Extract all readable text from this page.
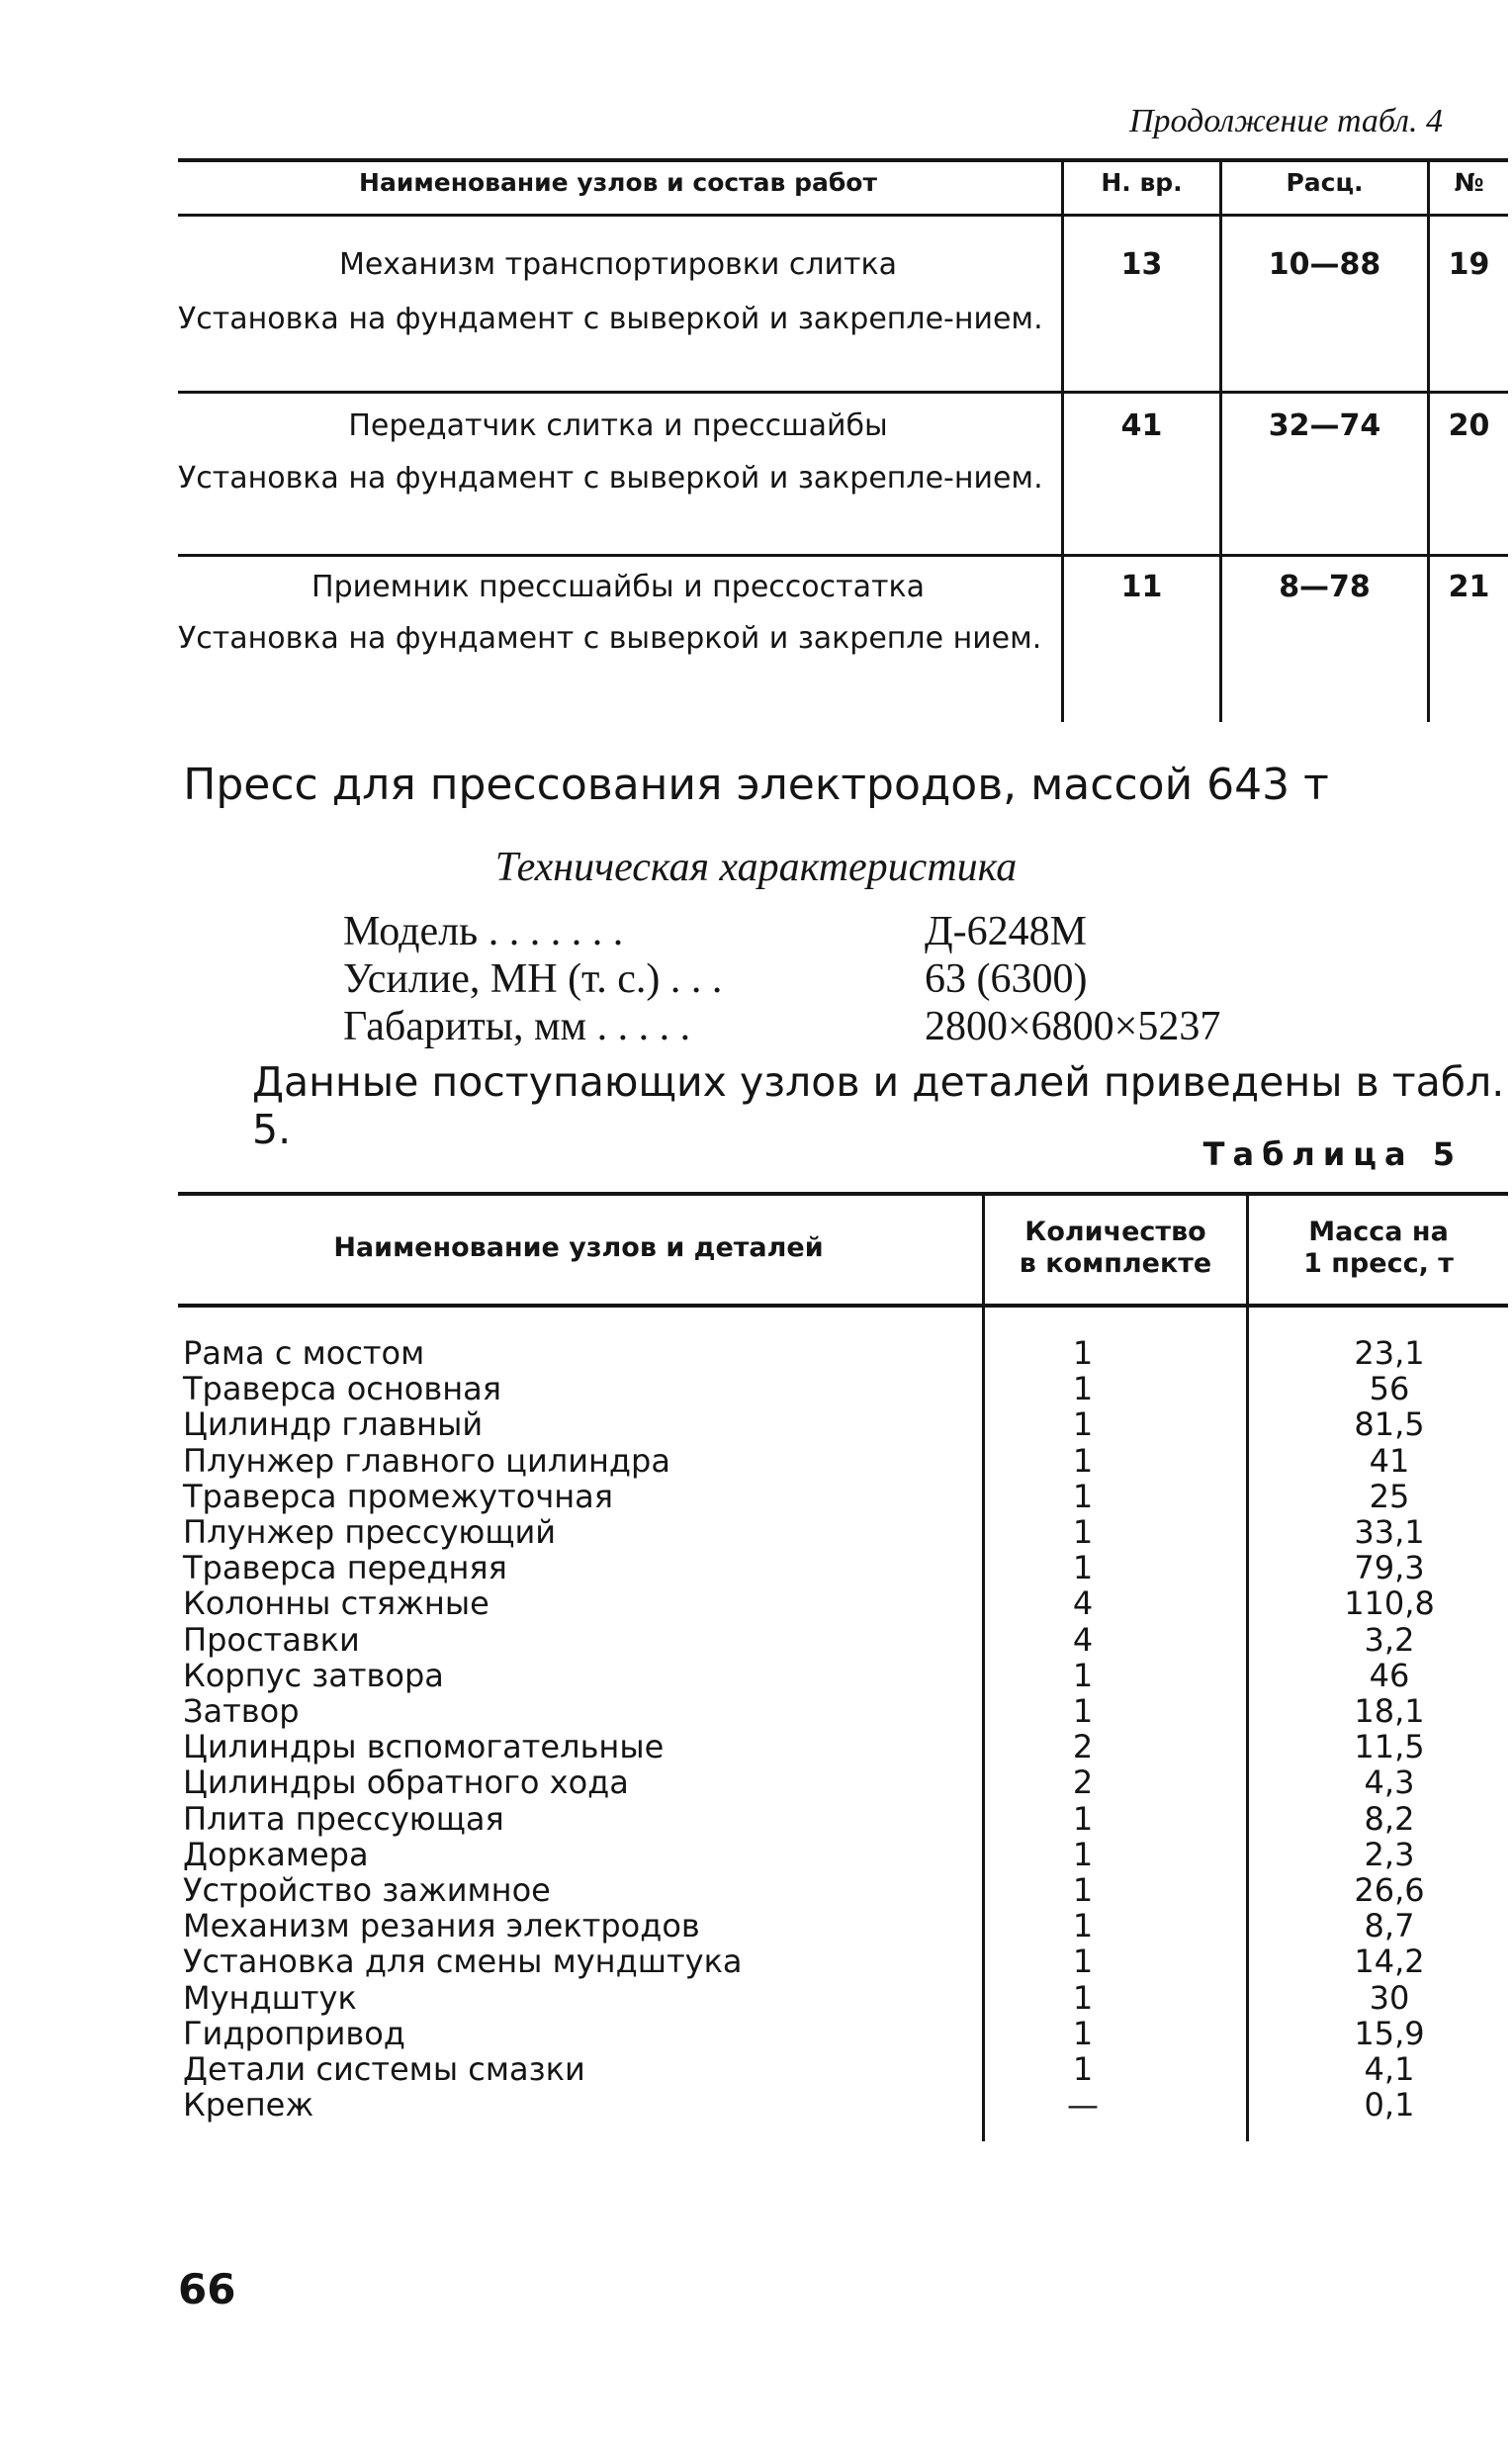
Продолжение табл. 4
Наименование узлов и состав работ	Н. вр.	Расц.	№
Механизм транспортировки слитка
Установка на фундамент с выверкой и закрепле-нием.
13	10—88	19
Передатчик слитка и прессшайбы
Установка на фундамент с выверкой и закрепле-нием.
41	32—74	20
Приемник прессшайбы и прессостатка
Установка на фундамент с выверкой и закрепле нием.
11	8—78	21
Пресс для прессования электродов, массой 643 т
Техническая характеристика
Модель . . . . . . .	Д-6248М
Усилие, МН (т. с.) . . .	63 (6300)
Габариты, мм . . . . .	2800×6800×5237
Данные поступающих узлов и деталей приведены в табл. 5.
Таблица 5
Наименование узлов и деталей
Количество
в комплекте
Масса на
1 пресс, т
Рама с мостом	1	23,1
Траверса основная	1	56
Цилиндр главный	1	81,5
Плунжер главного цилиндра	1	41
Траверса промежуточная	1	25
Плунжер прессующий	1	33,1
Траверса передняя	1	79,3
Колонны стяжные	4	110,8
Проставки	4	3,2
Корпус затвора	1	46
Затвор	1	18,1
Цилиндры вспомогательные	2	11,5
Цилиндры обратного хода	2	4,3
Плита прессующая	1	8,2
Доркамера	1	2,3
Устройство зажимное	1	26,6
Механизм резания электродов	1	8,7
Установка для смены мундштука	1	14,2
Мундштук	1	30
Гидропривод	1	15,9
Детали системы смазки	1	4,1
Крепеж	—	0,1
66
